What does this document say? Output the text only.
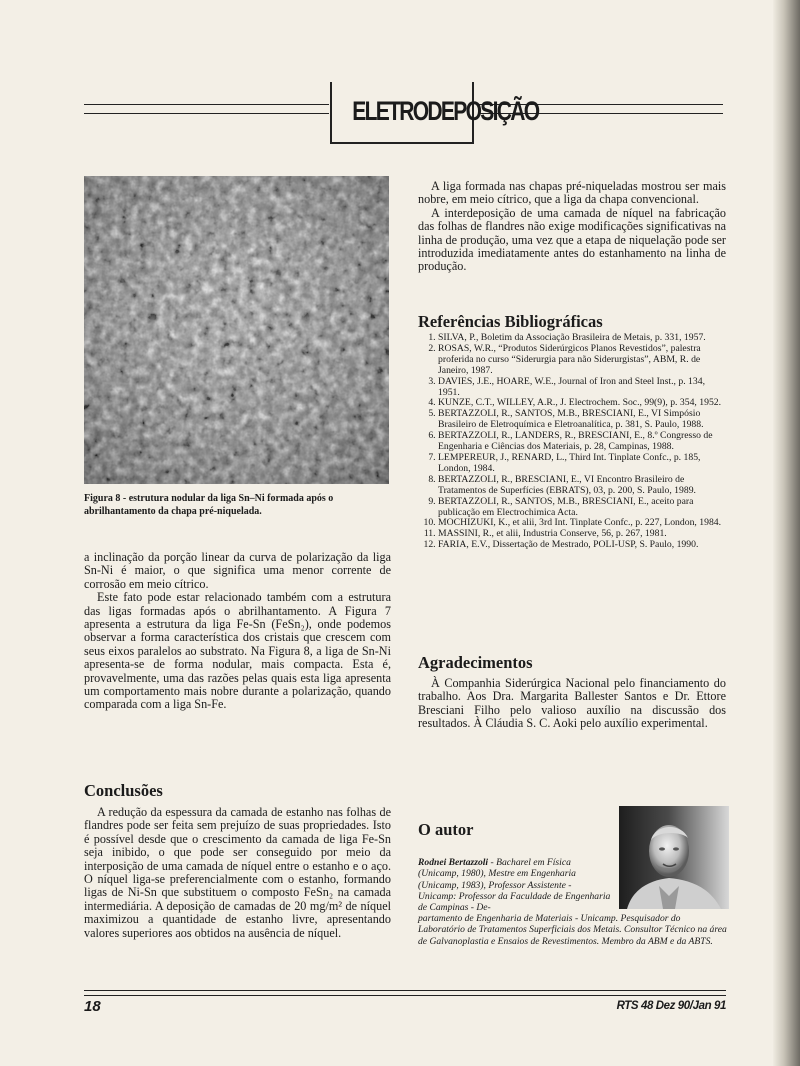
ELETRODEPOSIÇÃO
Figura 8 - estrutura nodular da liga Sn–Ni formada após o abrilhantamento da chapa pré-niquelada.

a inclinação da porção linear da curva de polarização da liga Sn-Ni é maior, o que significa uma menor corrente de corrosão em meio cítrico.

Este fato pode estar relacionado também com a estrutura das ligas formadas após o abrilhantamento. A Figura 7 apresenta a estrutura da liga Fe-Sn (FeSn₂), onde podemos observar a forma característica dos cristais que crescem com seus eixos paralelos ao substrato. Na Figura 8, a liga de Sn-Ni apresenta-se de forma nodular, mais compacta. Esta é, provavelmente, uma das razões pelas quais esta liga apresenta um comportamento mais nobre durante a polarização, quando comparada com a liga Sn-Fe.

Conclusões

A redução da espessura da camada de estanho nas folhas de flandres pode ser feita sem prejuízo de suas propriedades. Isto é possível desde que o crescimento da camada de liga Fe-Sn seja inibido, o que pode ser conseguido por meio da interposição de uma camada de níquel entre o estanho e o aço. O níquel liga-se preferencialmente com o estanho, formando ligas de Ni-Sn que substituem o composto FeSn₂ na camada intermediária. A deposição de camadas de 20 mg/m² de níquel maximizou a quantidade de estanho livre, apresentando valores superiores aos obtidos na ausência de níquel.

A liga formada nas chapas pré-niqueladas mostrou ser mais nobre, em meio cítrico, que a liga da chapa convencional.

A interdeposição de uma camada de níquel na fabricação das folhas de flandres não exige modificações significativas na linha de produção, uma vez que a etapa de niquelação pode ser introduzida imediatamente antes do estanhamento na linha de produção.

Referências Bibliográficas
1. SILVA, P., Boletim da Associação Brasileira de Metais, p. 331, 1957.
2. ROSAS, W.R., “Produtos Siderúrgicos Planos Revestidos”, palestra proferida no curso “Siderurgia para não Siderurgistas”, ABM, R. de Janeiro, 1987.
3. DAVIES, J.E., HOARE, W.E., Journal of Iron and Steel Inst., p. 134, 1951.
4. KUNZE, C.T., WILLEY, A.R., J. Electrochem. Soc., 99(9), p. 354, 1952.
5. BERTAZZOLI, R., SANTOS, M.B., BRESCIANI, E., VI Simpósio Brasileiro de Eletroquímica e Eletroanalítica, p. 381, S. Paulo, 1988.
6. BERTAZZOLI, R., LANDERS, R., BRESCIANI, E., 8.º Congresso de Engenharia e Ciências dos Materiais, p. 28, Campinas, 1988.
7. LEMPEREUR, J., RENARD, L., Third Int. Tinplate Confc., p. 185, London, 1984.
8. BERTAZZOLI, R., BRESCIANI, E., VI Encontro Brasileiro de Tratamentos de Superfícies (EBRATS), 03, p. 200, S. Paulo, 1989.
9. BERTAZZOLI, R., SANTOS, M.B., BRESCIANI, E., aceito para publicação em Electrochimica Acta.
10. MOCHIZUKI, K., et alii, 3rd Int. Tinplate Confc., p. 227, London, 1984.
11. MASSINI, R., et alii, Industria Conserve, 56, p. 267, 1981.
12. FARIA, E.V., Dissertação de Mestrado, POLI-USP, S. Paulo, 1990.
Agradecimentos

À Companhia Siderúrgica Nacional pelo financiamento do trabalho. Aos Dra. Margarita Ballester Santos e Dr. Ettore Bresciani Filho pelo valioso auxílio na discussão dos resultados. À Cláudia S. C. Aoki pelo auxílio experimental.

O autor
Rodnei Bertazzoli - Bacharel em Física (Unicamp, 1980), Mestre em Engenharia (Unicamp, 1983), Professor Assistente - Unicamp: Professor da Faculdade de Engenharia de Campinas - De-
partamento de Engenharia de Materiais - Unicamp. Pesquisador do Laboratório de Tratamentos Superficiais dos Metais. Consultor Técnico na área de Galvanoplastia e Ensaios de Revestimentos. Membro da ABM e da ABTS.
18	RTS 48 Dez 90/Jan 91
